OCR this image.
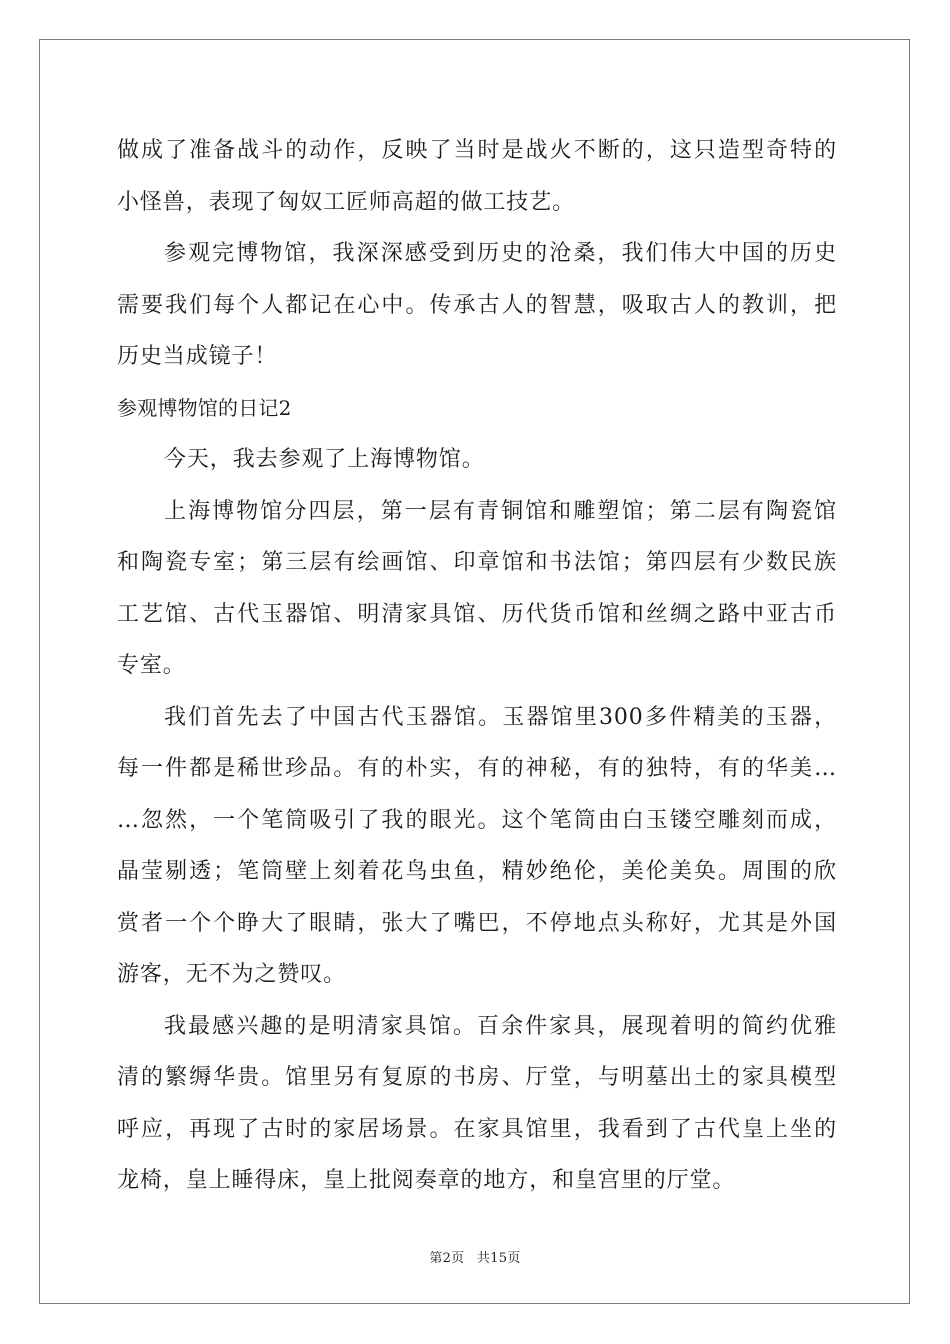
做成了准备战斗的动作，反映了当时是战火不断的，这只造型奇特的
小怪兽，表现了匈奴工匠师高超的做工技艺。
参观完博物馆，我深深感受到历史的沧桑，我们伟大中国的历史
需要我们每个人都记在心中。传承古人的智慧，吸取古人的教训，把
历史当成镜子！
参观博物馆的日记2
今天，我去参观了上海博物馆。
上海博物馆分四层，第一层有青铜馆和雕塑馆；第二层有陶瓷馆
和陶瓷专室；第三层有绘画馆、印章馆和书法馆；第四层有少数民族
工艺馆、古代玉器馆、明清家具馆、历代货币馆和丝绸之路中亚古币
专室。
我们首先去了中国古代玉器馆。玉器馆里300多件精美的玉器，
每一件都是稀世珍品。有的朴实，有的神秘，有的独特，有的华美…
…忽然，一个笔筒吸引了我的眼光。这个笔筒由白玉镂空雕刻而成，
晶莹剔透；笔筒壁上刻着花鸟虫鱼，精妙绝伦，美伦美奂。周围的欣
赏者一个个睁大了眼睛，张大了嘴巴，不停地点头称好，尤其是外国
游客，无不为之赞叹。
我最感兴趣的是明清家具馆。百余件家具，展现着明的简约优雅
清的繁缛华贵。馆里另有复原的书房、厅堂，与明墓出土的家具模型
呼应，再现了古时的家居场景。在家具馆里，我看到了古代皇上坐的
龙椅，皇上睡得床，皇上批阅奏章的地方，和皇宫里的厅堂。
第2页 共15页
